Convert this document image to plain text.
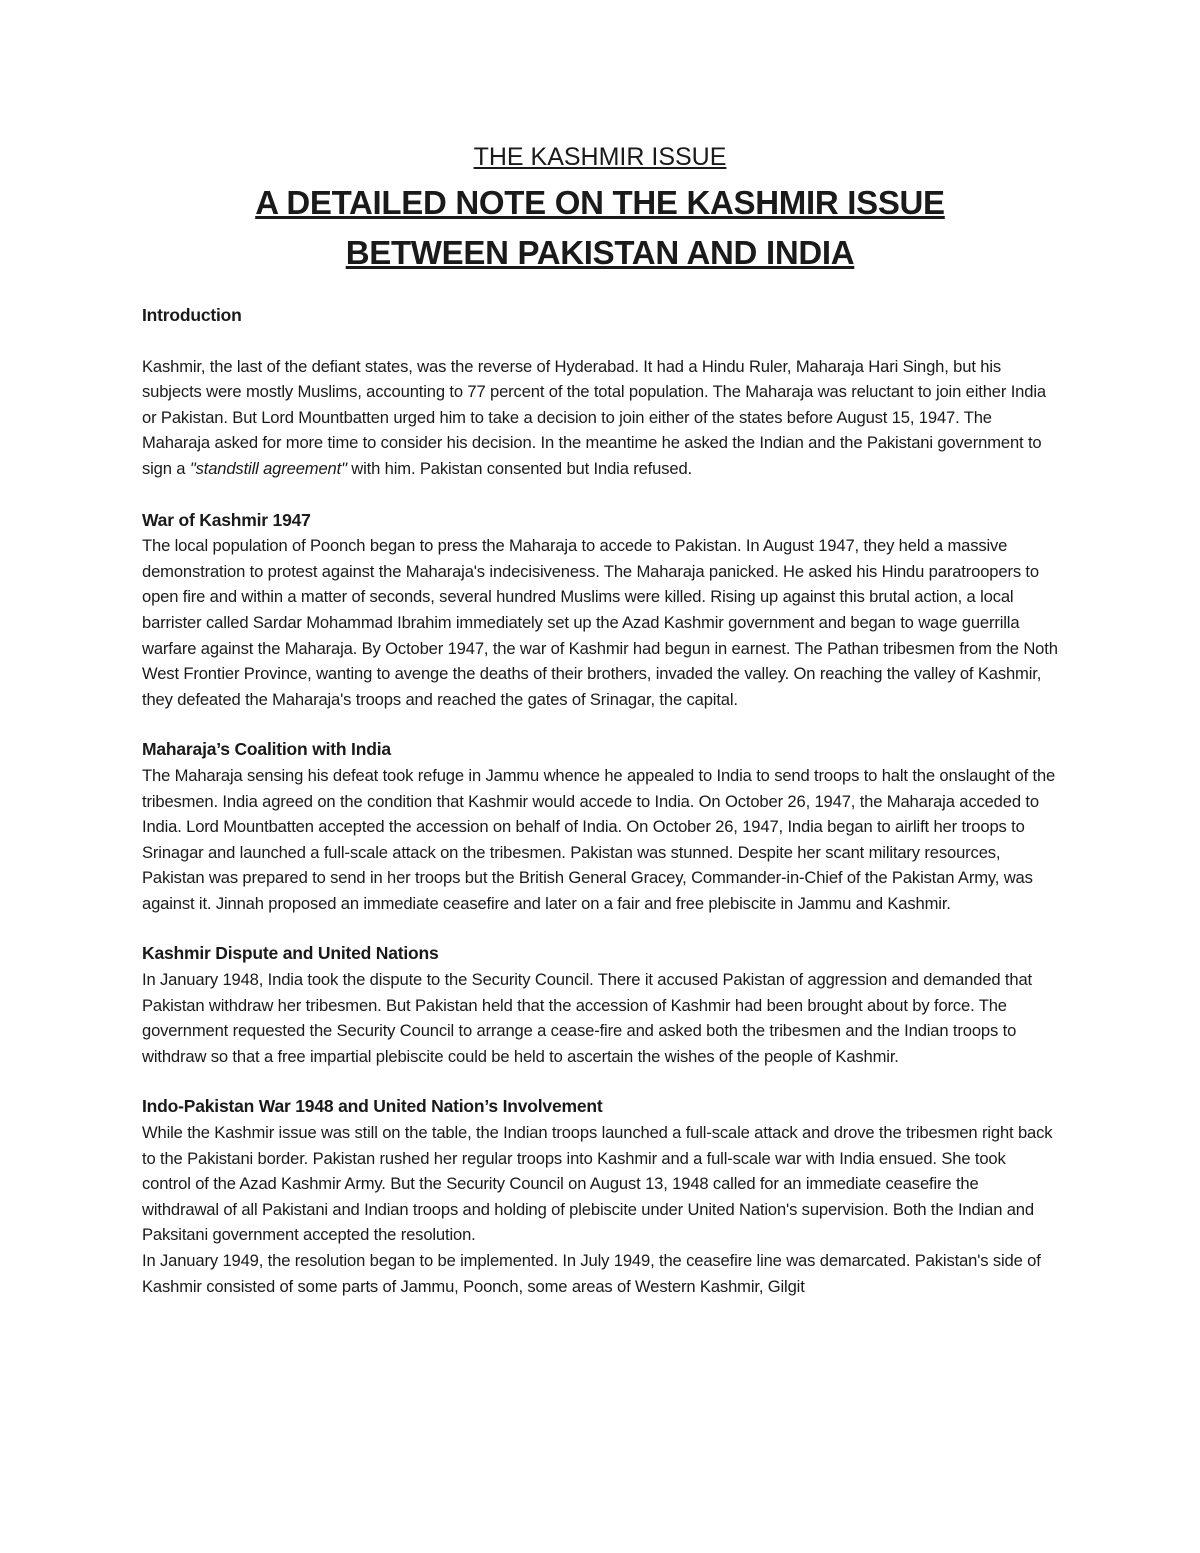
THE KASHMIR ISSUE
A DETAILED NOTE ON THE KASHMIR ISSUE
BETWEEN PAKISTAN AND INDIA
Introduction

Kashmir, the last of the defiant states, was the reverse of Hyderabad. It had a Hindu Ruler, Maharaja Hari Singh, but his subjects were mostly Muslims, accounting to 77 percent of the total population. The Maharaja was reluctant to join either India or Pakistan. But Lord Mountbatten urged him to take a decision to join either of the states before August 15, 1947. The Maharaja asked for more time to consider his decision. In the meantime he asked the Indian and the Pakistani government to sign a "standstill agreement" with him. Pakistan consented but India refused.

War of Kashmir 1947

The local population of Poonch began to press the Maharaja to accede to Pakistan. In August 1947, they held a massive demonstration to protest against the Maharaja's indecisiveness. The Maharaja panicked. He asked his Hindu paratroopers to open fire and within a matter of seconds, several hundred Muslims were killed. Rising up against this brutal action, a local barrister called Sardar Mohammad Ibrahim immediately set up the Azad Kashmir government and began to wage guerrilla warfare against the Maharaja. By October 1947, the war of Kashmir had begun in earnest. The Pathan tribesmen from the Noth West Frontier Province, wanting to avenge the deaths of their brothers, invaded the valley. On reaching the valley of Kashmir, they defeated the Maharaja's troops and reached the gates of Srinagar, the capital.

Maharaja’s Coalition with India

The Maharaja sensing his defeat took refuge in Jammu whence he appealed to India to send troops to halt the onslaught of the tribesmen. India agreed on the condition that Kashmir would accede to India. On October 26, 1947, the Maharaja acceded to India. Lord Mountbatten accepted the accession on behalf of India. On October 26, 1947, India began to airlift her troops to Srinagar and launched a full-scale attack on the tribesmen. Pakistan was stunned. Despite her scant military resources, Pakistan was prepared to send in her troops but the British General Gracey, Commander-in-Chief of the Pakistan Army, was against it. Jinnah proposed an immediate ceasefire and later on a fair and free plebiscite in Jammu and Kashmir.

Kashmir Dispute and United Nations

In January 1948, India took the dispute to the Security Council. There it accused Pakistan of aggression and demanded that Pakistan withdraw her tribesmen. But Pakistan held that the accession of Kashmir had been brought about by force. The government requested the Security Council to arrange a cease-fire and asked both the tribesmen and the Indian troops to withdraw so that a free impartial plebiscite could be held to ascertain the wishes of the people of Kashmir.

Indo-Pakistan War 1948 and United Nation’s Involvement

While the Kashmir issue was still on the table, the Indian troops launched a full-scale attack and drove the tribesmen right back to the Pakistani border. Pakistan rushed her regular troops into Kashmir and a full-scale war with India ensued. She took control of the Azad Kashmir Army. But the Security Council on August 13, 1948 called for an immediate ceasefire the withdrawal of all Pakistani and Indian troops and holding of plebiscite under United Nation's supervision. Both the Indian and Paksitani government accepted the resolution.

In January 1949, the resolution began to be implemented. In July 1949, the ceasefire line was demarcated. Pakistan's side of Kashmir consisted of some parts of Jammu, Poonch, some areas of Western Kashmir, Gilgit
